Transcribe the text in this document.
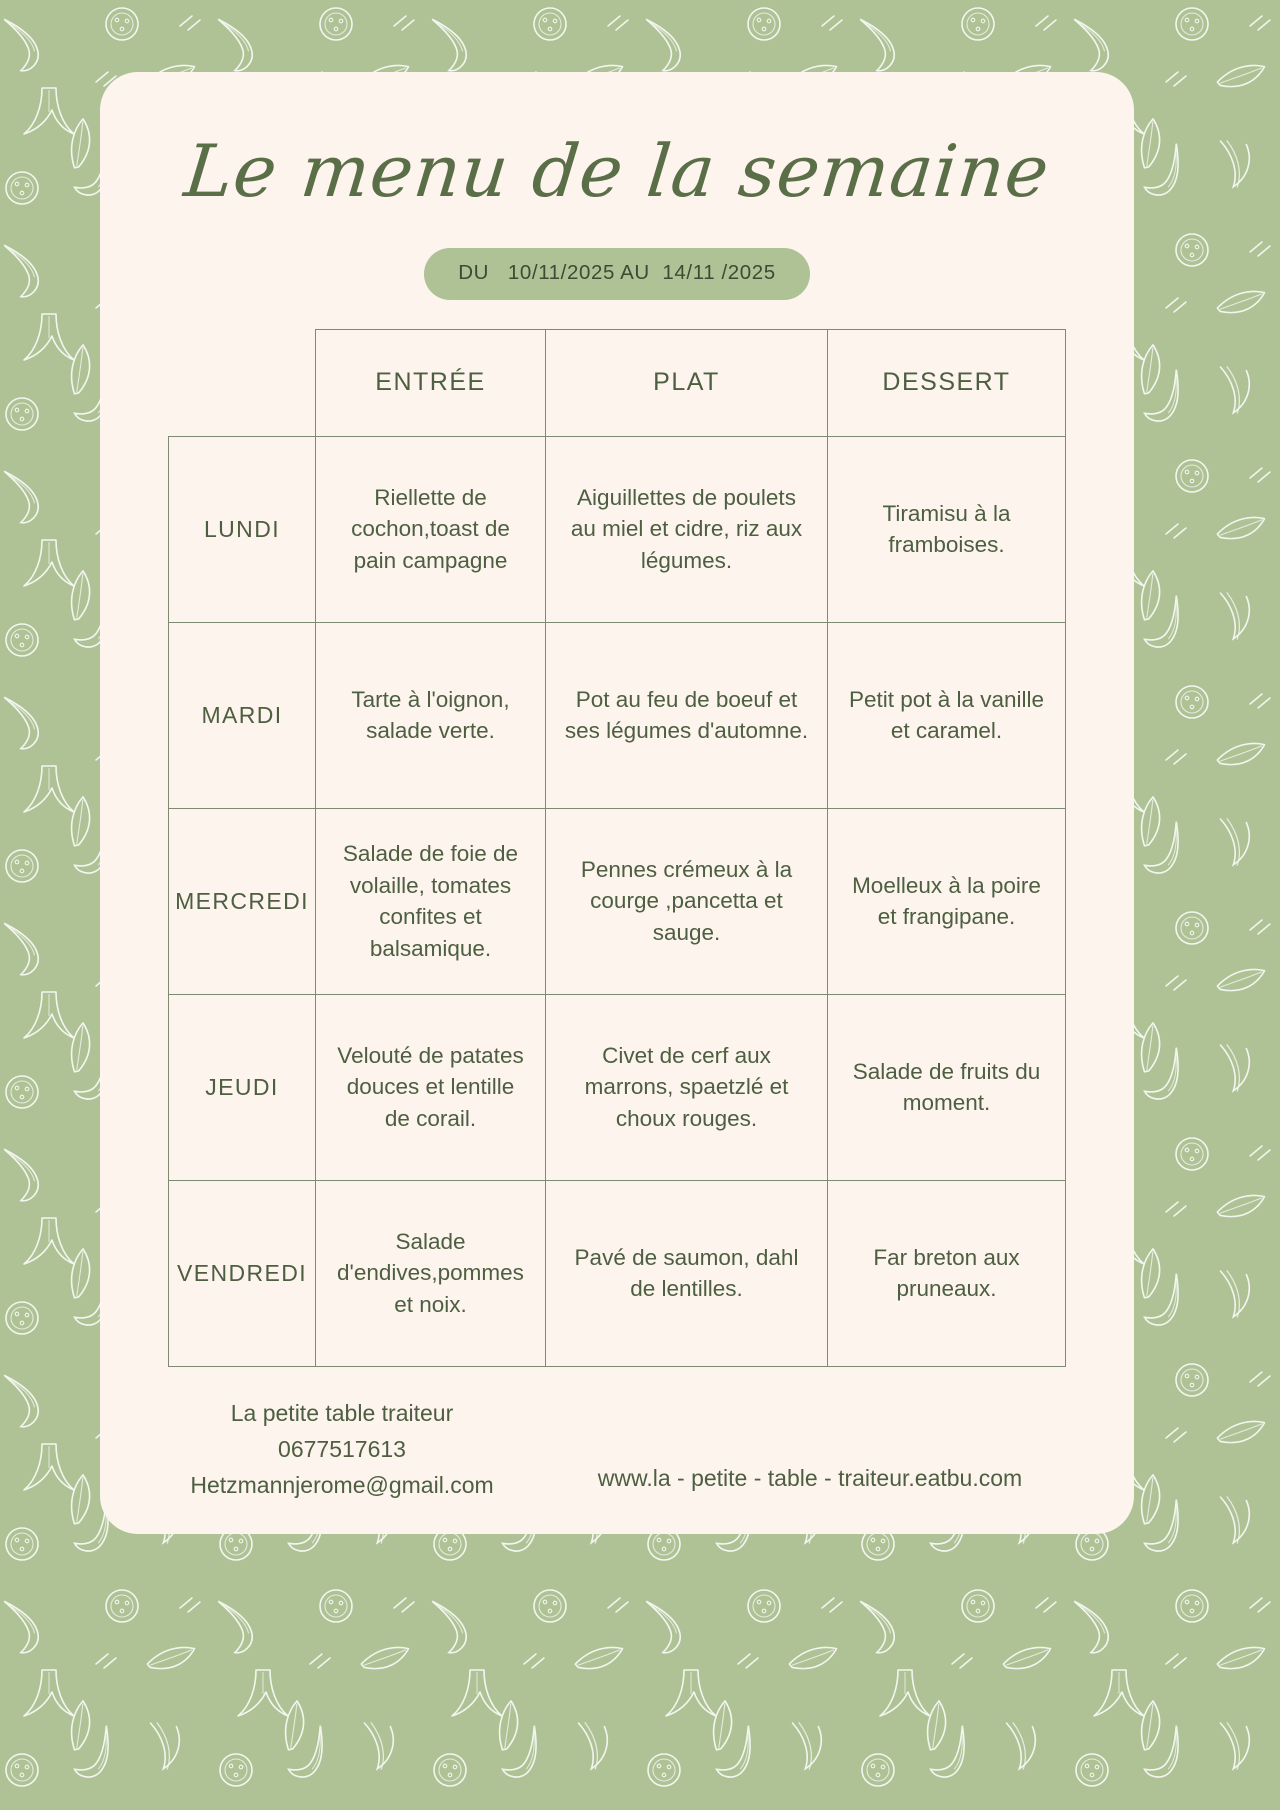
Le menu de la semaine
DU   10/11/2025 AU  14/11 /2025
	ENTRÉE	PLAT	DESSERT
LUNDI	Riellette de cochon,toast de pain campagne	Aiguillettes de poulets au miel et cidre, riz aux légumes.	Tiramisu à la framboises.
MARDI	Tarte à l'oignon, salade verte.	Pot au feu de boeuf et ses légumes d'automne.	Petit pot à la vanille et caramel.
MERCREDI	Salade de foie de volaille, tomates confites et balsamique.	Pennes crémeux à la courge ,pancetta et sauge.	Moelleux à la poire et frangipane.
JEUDI	Velouté de patates douces et lentille de corail.	Civet de cerf aux marrons, spaetzlé et choux rouges.	Salade de fruits du moment.
VENDREDI	Salade d'endives,pommes et noix.	Pavé de saumon, dahl de lentilles.	Far breton aux pruneaux.
La petite table traiteur
0677517613
Hetzmannjerome@gmail.com	www.la - petite - table - traiteur.eatbu.com
